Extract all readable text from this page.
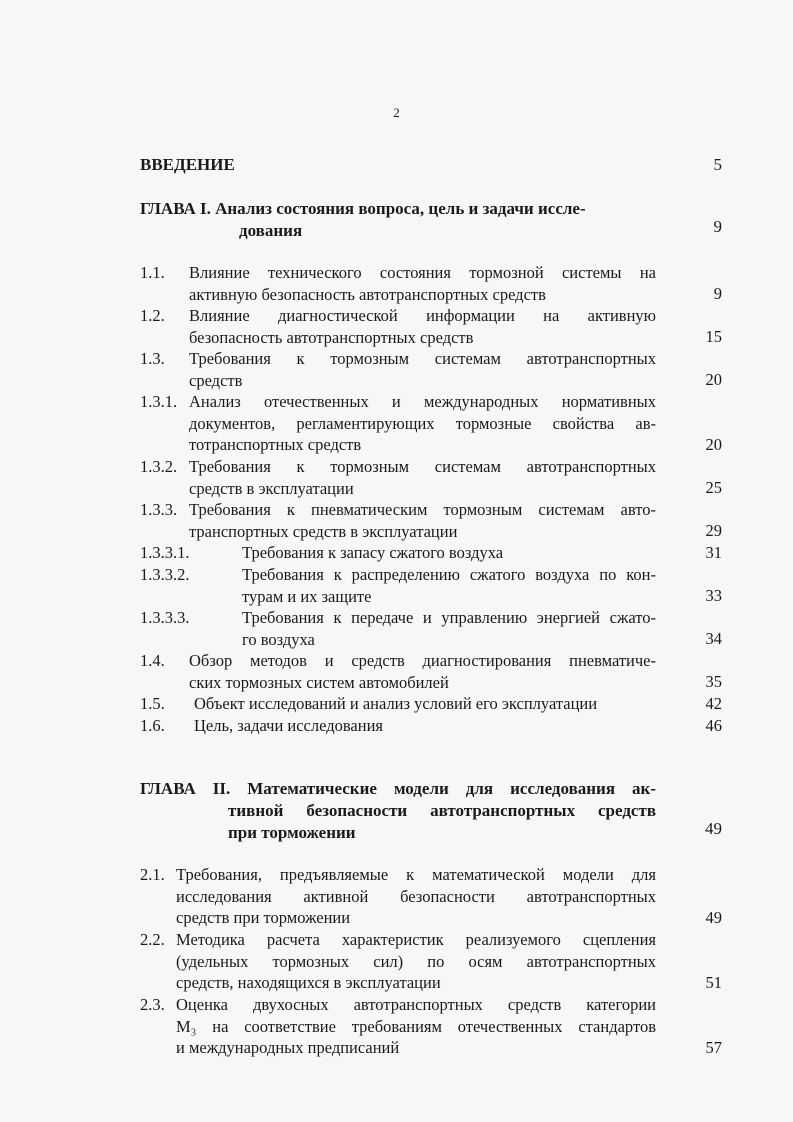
2
ВВЕДЕНИЕ	5
ГЛАВА I. Анализ состояния вопроса, цель и задачи иссле-
дования	9
1.1. Влияние технического состояния тормозной системы на
активную безопасность автотранспортных средств	9
1.2. Влияние диагностической информации на активную
безопасность автотранспортных средств	15
1.3. Требования к тормозным системам автотранспортных
средств	20
1.3.1. Анализ отечественных и международных нормативных
документов, регламентирующих тормозные свойства ав-
тотранспортных средств	20
1.3.2. Требования к тормозным системам автотранспортных
средств в эксплуатации	25
1.3.3. Требования к пневматическим тормозным системам авто-
транспортных средств в эксплуатации	29
1.3.3.1.	Требования к запасу сжатого воздуха	31
1.3.3.2.	Требования к распределению сжатого воздуха по кон-
турам и их защите	33
1.3.3.3.	Требования к передаче и управлению энергией сжато-
го воздуха	34
1.4. Обзор методов и средств диагностирования пневматиче-
ских тормозных систем автомобилей	35
1.5. Объект исследований и анализ условий его эксплуатации	42
1.6. Цель, задачи исследования	46
ГЛАВА II. Математические модели для исследования ак-
тивной безопасности автотранспортных средств
при торможении	49
2.1. Требования, предъявляемые к математической модели для
исследования активной безопасности автотранспортных
средств при торможении	49
2.2. Методика расчета характеристик реализуемого сцепления
(удельных тормозных сил) по осям автотранспортных
средств, находящихся в эксплуатации	51
2.3. Оценка двухосных автотранспортных средств категории
М₃ на соответствие требованиям отечественных стандартов
и международных предписаний	57
